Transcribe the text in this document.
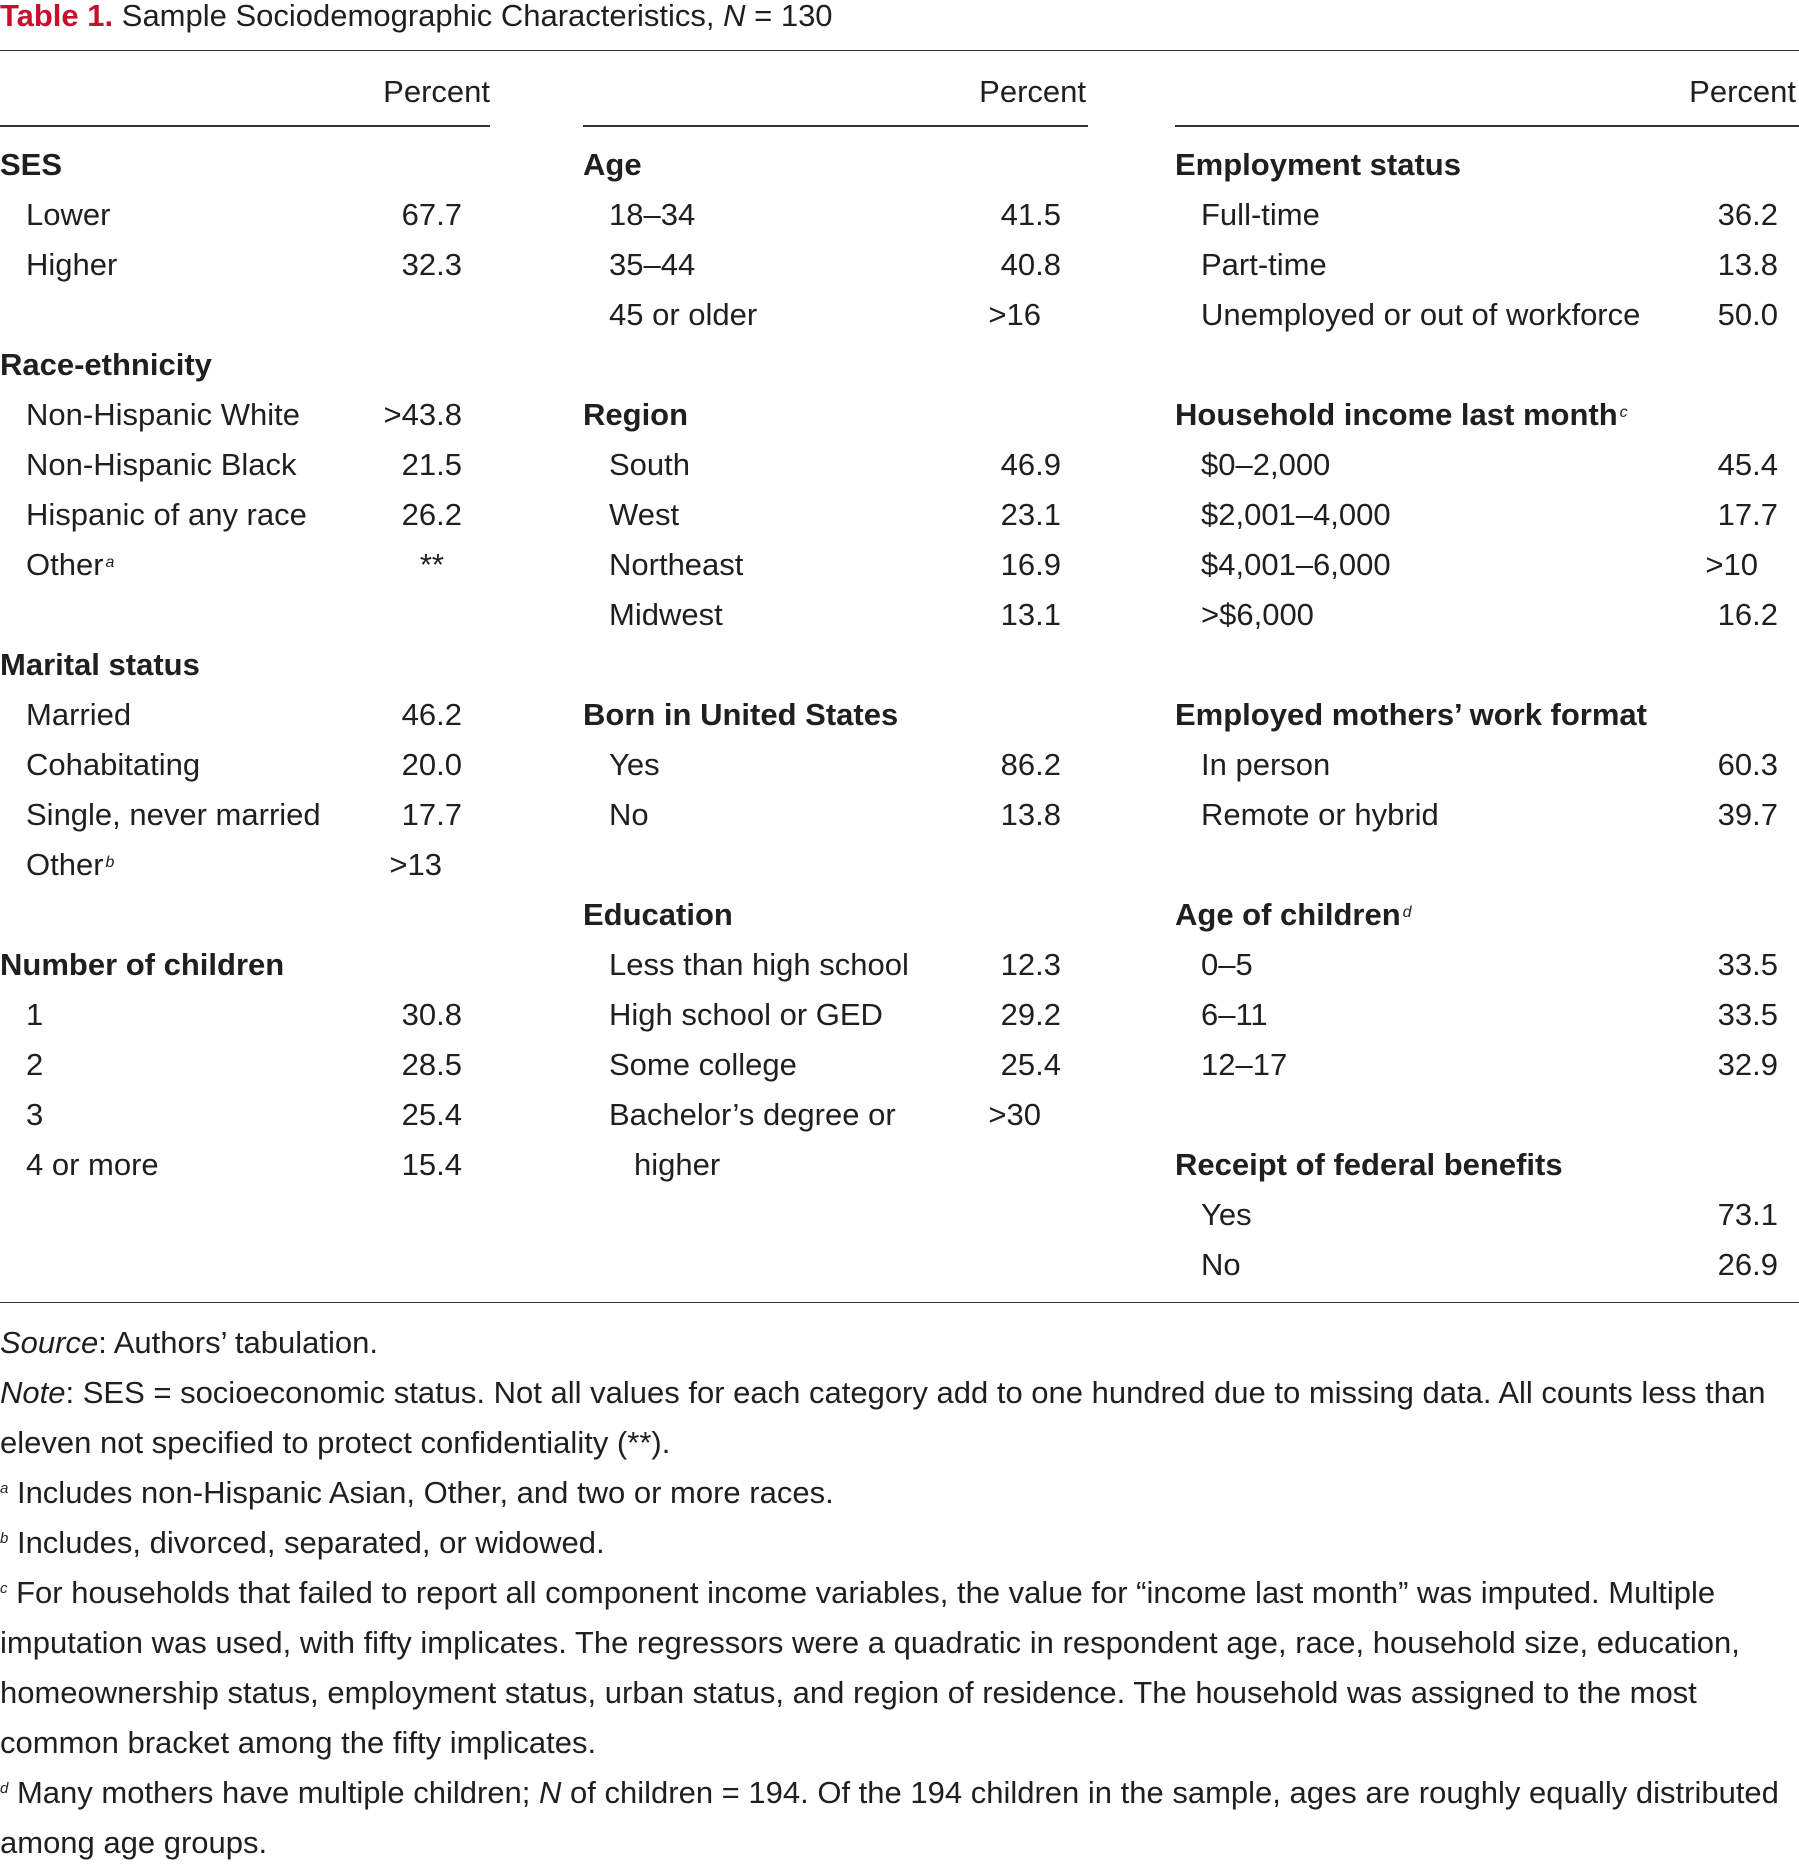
Table 1. Sample Sociodemographic Characteristics, N = 130
Percent
SES
Lower	67.7
Higher	32.3
Race-ethnicity
Non-Hispanic White	>43.8
Non-Hispanic Black	21.5
Hispanic of any race	26.2
Other $^a$	**
Marital status
Married	46.2
Cohabitating	20.0
Single, never married	17.7
Other $^b$	>13
Number of children
1	30.8
2	28.5
3	25.4
4 or more	15.4
Percent
Age
18–34	41.5
35–44	40.8
45 or older	>16
Region
South	46.9
West	23.1
Northeast	16.9
Midwest	13.1
Born in United States
Yes	86.2
No	13.8
Education
Less than high school	12.3
High school or GED	29.2
Some college	25.4
Bachelor’s degree or	>30
higher
Percent
Employment status
Full-time	36.2
Part-time	13.8
Unemployed or out of workforce 50.0
Household income last month $^c$
$0–2,000	45.4
$2,001–4,000	17.7
$4,001–6,000	>10
>$6,000	16.2
Employed mothers’ work format
In person	60.3
Remote or hybrid	39.7
Age of children $^d$
0–5	33.5
6–11	33.5
12–17	32.9
Receipt of federal benefits
Yes	73.1
No	26.9

Source: Authors’ tabulation.

Note: SES = socioeconomic status. Not all values for each category add to one hundred due to missing data. All counts less than eleven not specified to protect confidentiality (**).

$^a$ Includes non-Hispanic Asian, Other, and two or more races.

$^b$ Includes, divorced, separated, or widowed.

$^c$ For households that failed to report all component income variables, the value for “income last month” was imputed. Multiple imputation was used, with fifty implicates. The regressors were a quadratic in respondent age, race, household size, education, homeownership status, employment status, urban status, and region of residence. The household was assigned to the most common bracket among the fifty implicates.

$^d$ Many mothers have multiple children; N of children = 194. Of the 194 children in the sample, ages are roughly equally distributed among age groups.
